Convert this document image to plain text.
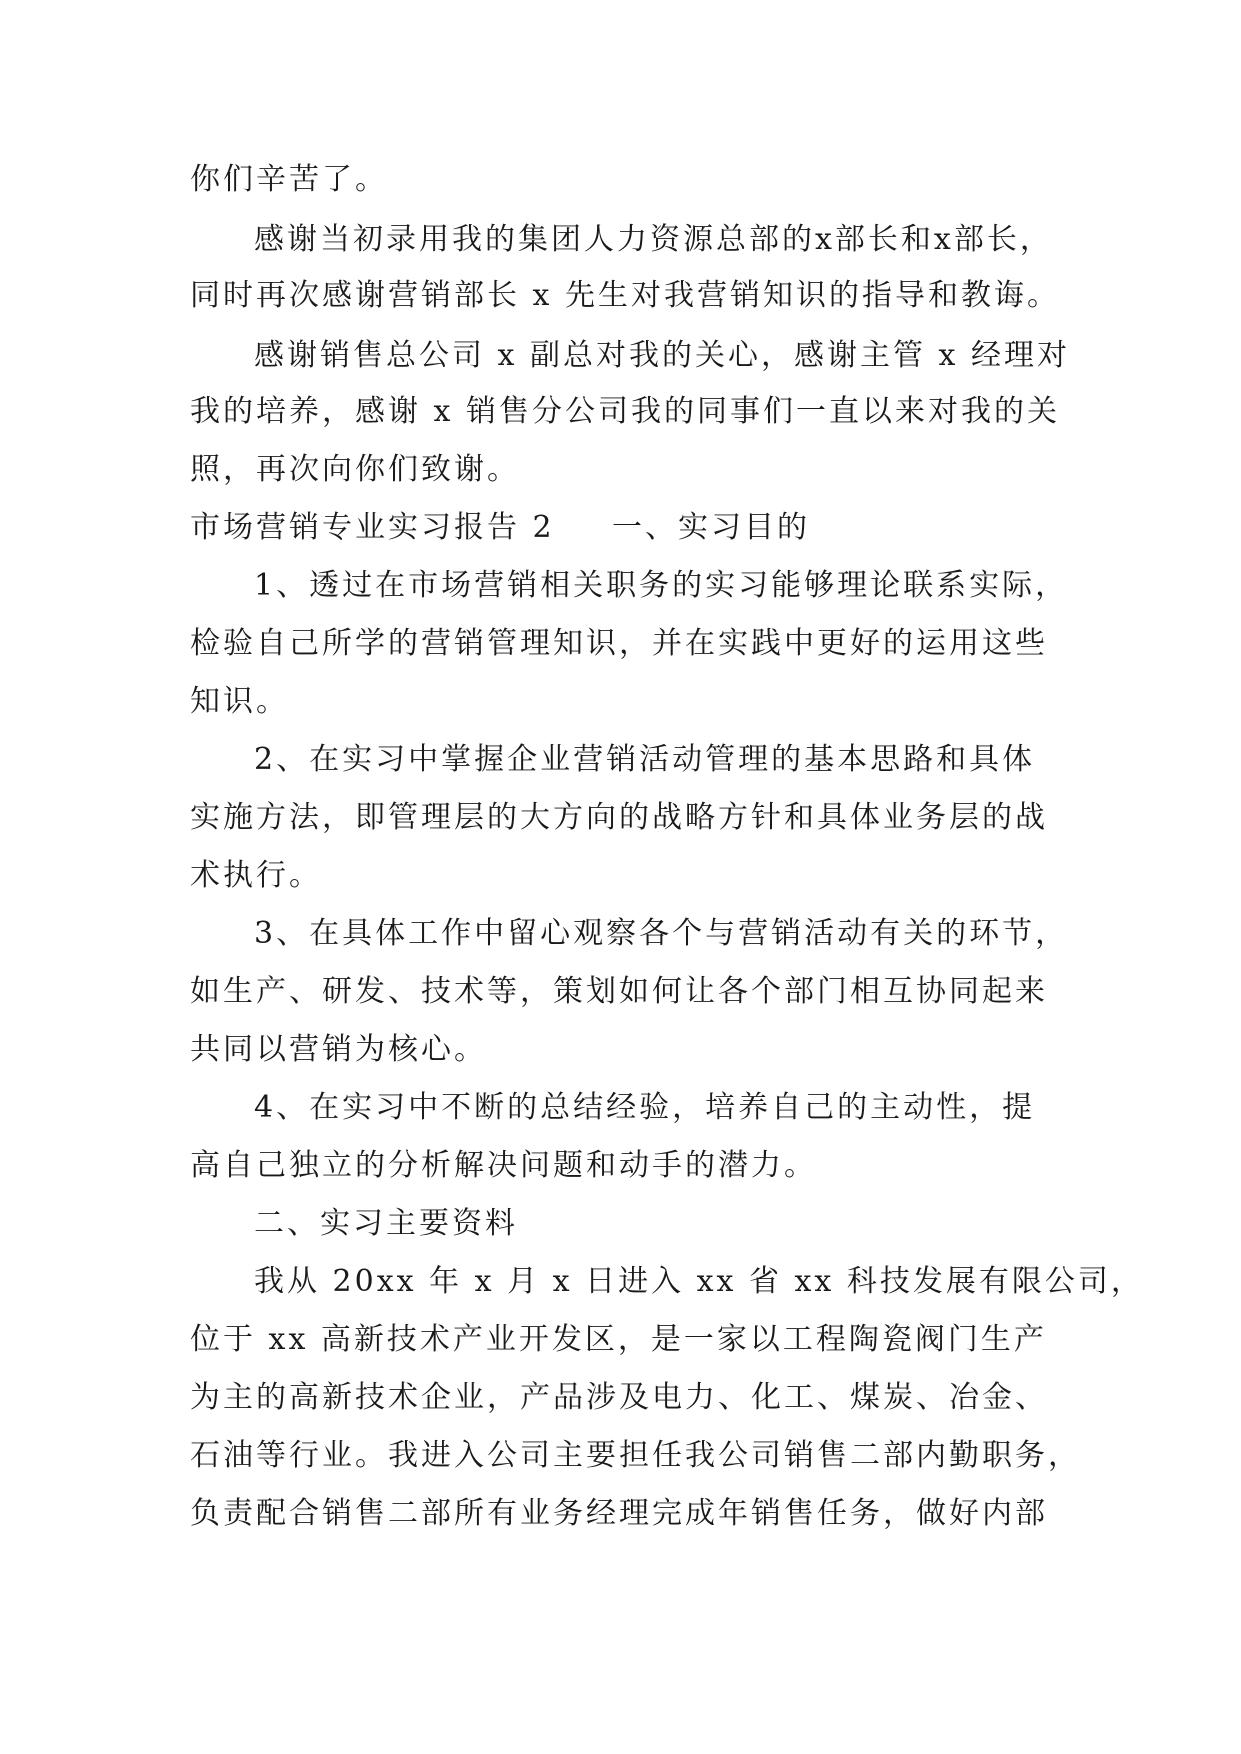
你们辛苦了。
感谢当初录用我的集团人力资源总部的x部长和x部长，
同时再次感谢营销部长 x 先生对我营销知识的指导和教诲。
感谢销售总公司 x 副总对我的关心，感谢主管 x 经理对
我的培养，感谢 x 销售分公司我的同事们一直以来对我的关
照，再次向你们致谢。
市场营销专业实习报告 2 一、实习目的
1、透过在市场营销相关职务的实习能够理论联系实际，
检验自己所学的营销管理知识，并在实践中更好的运用这些
知识。
2、在实习中掌握企业营销活动管理的基本思路和具体
实施方法，即管理层的大方向的战略方针和具体业务层的战
术执行。
3、在具体工作中留心观察各个与营销活动有关的环节，
如生产、研发、技术等，策划如何让各个部门相互协同起来
共同以营销为核心。
4、在实习中不断的总结经验，培养自己的主动性，提
高自己独立的分析解决问题和动手的潜力。
二、实习主要资料
我从 20xx 年 x 月 x 日进入 xx 省 xx 科技发展有限公司，
位于 xx 高新技术产业开发区，是一家以工程陶瓷阀门生产
为主的高新技术企业，产品涉及电力、化工、煤炭、冶金、
石油等行业。我进入公司主要担任我公司销售二部内勤职务，
负责配合销售二部所有业务经理完成年销售任务，做好内部
